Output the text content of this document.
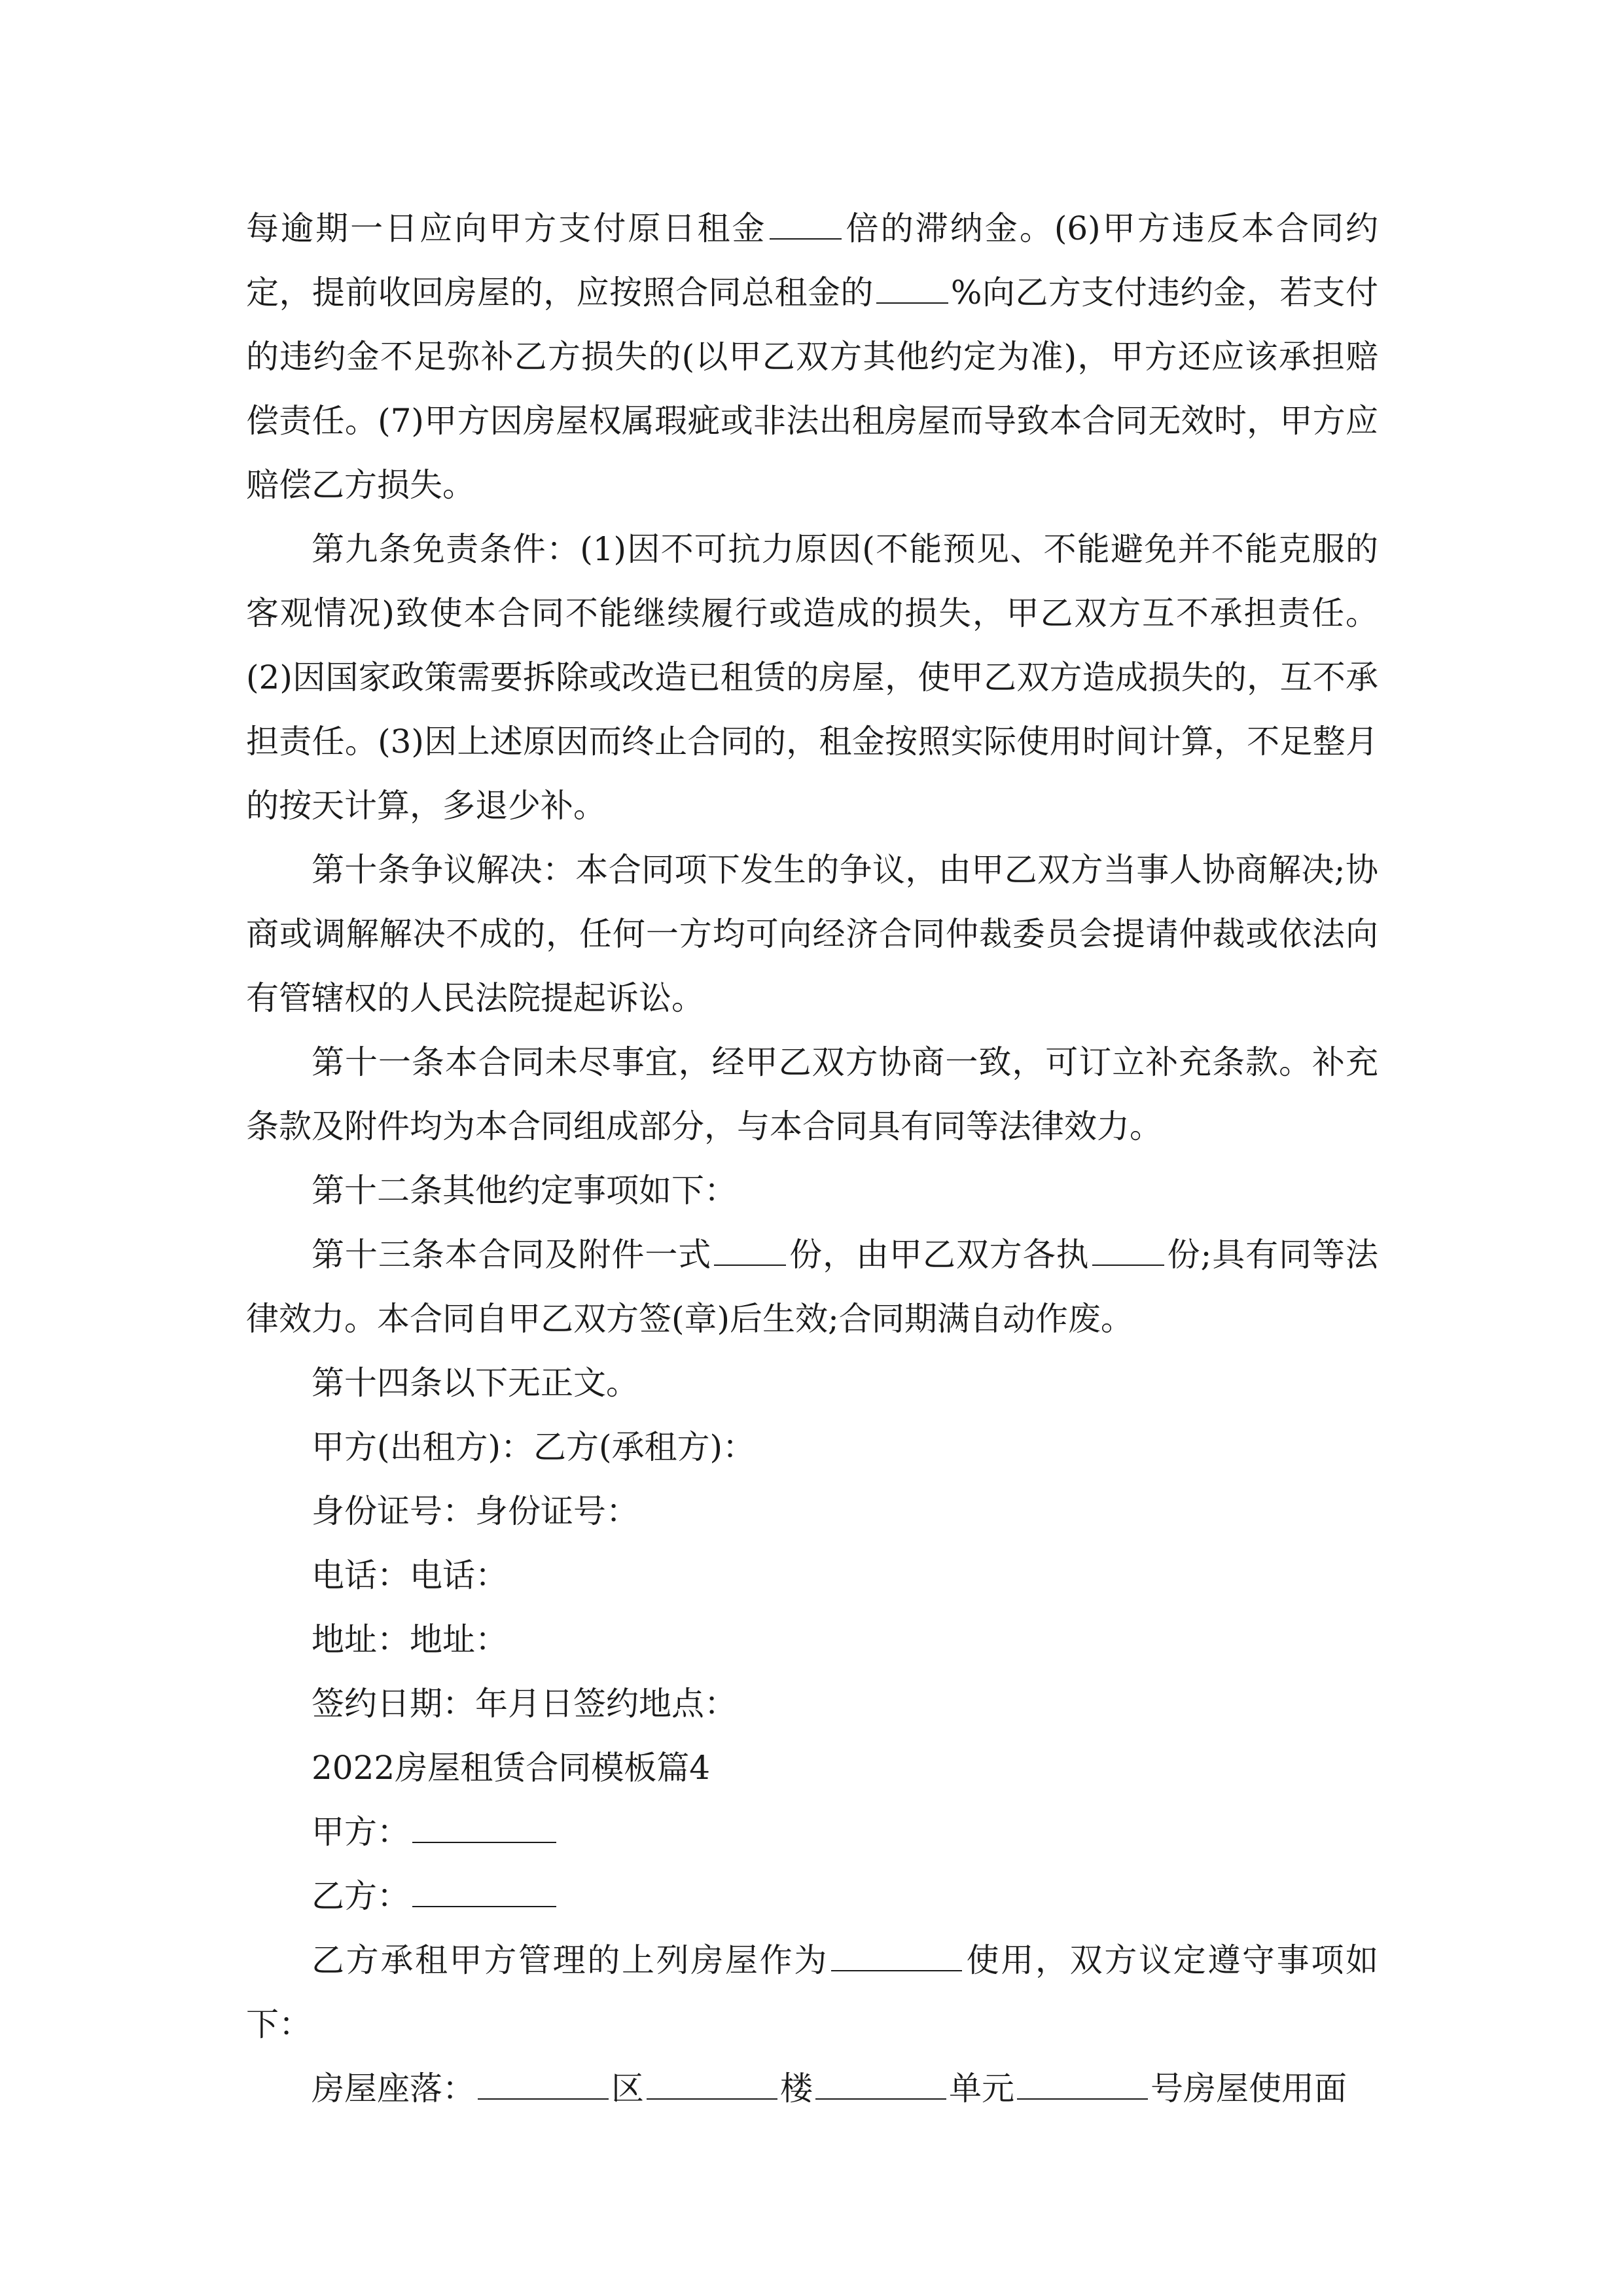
每逾期一日应向甲方支付原日租金 倍的滞纳金。(6)甲方违反本合同约定，提前收回房屋的，应按照合同总租金的 %向乙方支付违约金，若支付的违约金不足弥补乙方损失的(以甲乙双方其他约定为准)，甲方还应该承担赔偿责任。(7)甲方因房屋权属瑕疵或非法出租房屋而导致本合同无效时，甲方应赔偿乙方损失。

第九条免责条件：(1)因不可抗力原因(不能预见、不能避免并不能克服的客观情况)致使本合同不能继续履行或造成的损失，甲乙双方互不承担责任。(2)因国家政策需要拆除或改造已租赁的房屋，使甲乙双方造成损失的，互不承担责任。(3)因上述原因而终止合同的，租金按照实际使用时间计算，不足整月的按天计算，多退少补。

第十条争议解决：本合同项下发生的争议，由甲乙双方当事人协商解决;协商或调解解决不成的，任何一方均可向经济合同仲裁委员会提请仲裁或依法向有管辖权的人民法院提起诉讼。

第十一条本合同未尽事宜，经甲乙双方协商一致，可订立补充条款。补充条款及附件均为本合同组成部分，与本合同具有同等法律效力。

第十二条其他约定事项如下：

第十三条本合同及附件一式 份，由甲乙双方各执 份;具有同等法律效力。本合同自甲乙双方签(章)后生效;合同期满自动作废。

第十四条以下无正文。

甲方(出租方)：乙方(承租方)：

身份证号：身份证号：

电话：电话：

地址：地址：

签约日期：年月日签约地点：

2022房屋租赁合同模板篇4

甲方：

乙方：

乙方承租甲方管理的上列房屋作为	使用，双方议定遵守事项如下：

房屋座落：	区	楼	单元	号房屋使用面
